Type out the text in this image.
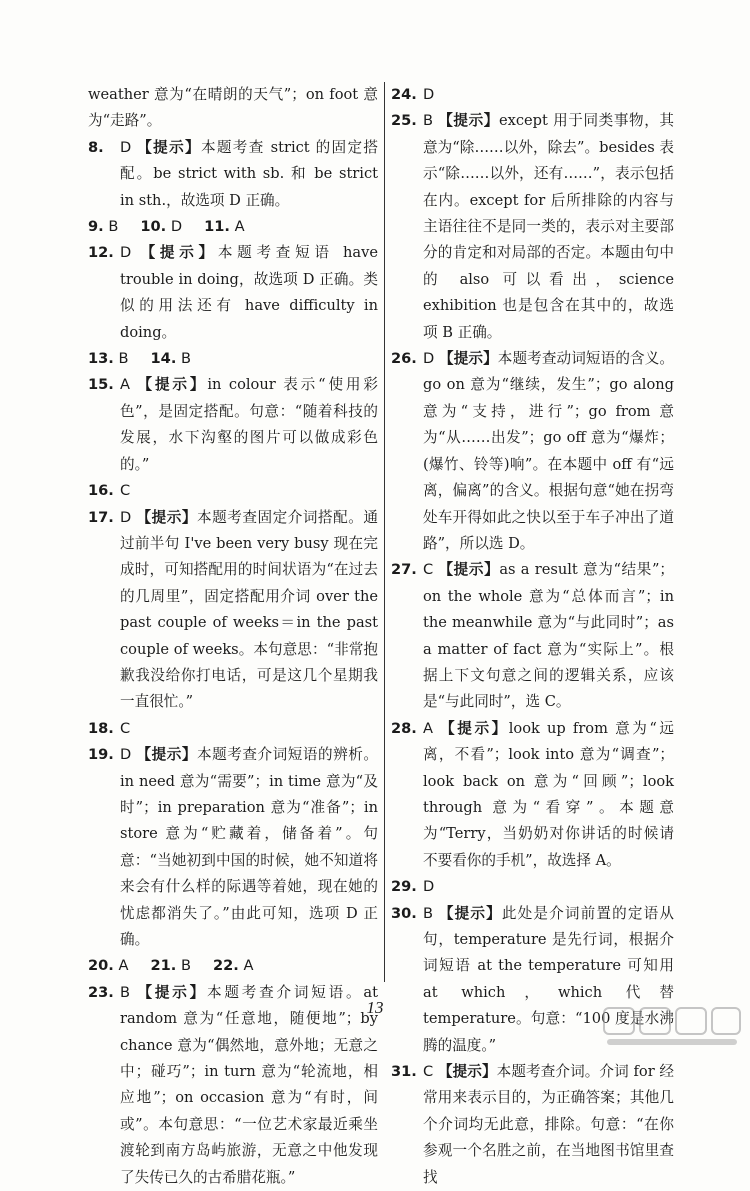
weather 意为“在晴朗的天气”；on foot 意为“走路”。
8. D 【提示】本题考查 strict 的固定搭配。be strict with sb. 和 be strict in sth.，故选项 D 正确。
9. B 10. D 11. A
12. D 【提示】本题考查短语 have trouble in doing，故选项 D 正确。类似的用法还有 have difficulty in doing。
13. B 14. B
15. A 【提示】in colour 表示“使用彩色”，是固定搭配。句意：“随着科技的发展，水下沟壑的图片可以做成彩色的。”
16. C
17. D 【提示】本题考查固定介词搭配。通过前半句 I've been very busy 现在完成时，可知搭配用的时间状语为“在过去的几周里”，固定搭配用介词 over the past couple of weeks＝in the past couple of weeks。本句意思：“非常抱歉我没给你打电话，可是这几个星期我一直很忙。”
18. C
19. D 【提示】本题考查介词短语的辨析。in need 意为“需要”；in time 意为“及时”；in preparation 意为“准备”；in store 意为“贮藏着，储备着”。句意：“当她初到中国的时候，她不知道将来会有什么样的际遇等着她，现在她的忧虑都消失了。”由此可知，选项 D 正确。
20. A 21. B 22. A
23. B 【提示】本题考查介词短语。at random 意为“任意地，随便地”；by chance 意为“偶然地，意外地；无意之中；碰巧”；in turn 意为“轮流地，相应地”；on occasion 意为“有时，间或”。本句意思：“一位艺术家最近乘坐渡轮到南方岛屿旅游，无意之中他发现了失传已久的古希腊花瓶。”
24. D
25. B 【提示】except 用于同类事物，其意为“除……以外，除去”。besides 表示“除……以外，还有……”，表示包括在内。except for 后所排除的内容与主语往往不是同一类的，表示对主要部分的肯定和对局部的否定。本题由句中的 also 可以看出，science exhibition 也是包含在其中的，故选项 B 正确。
26. D 【提示】本题考查动词短语的含义。go on 意为“继续，发生”；go along 意为“支持，进行”；go from 意为“从……出发”；go off 意为“爆炸；(爆竹、铃等)响”。在本题中 off 有“远离，偏离”的含义。根据句意“她在拐弯处车开得如此之快以至于车子冲出了道路”，所以选 D。
27. C 【提示】as a result 意为“结果”；on the whole 意为“总体而言”；in the meanwhile 意为“与此同时”；as a matter of fact 意为“实际上”。根据上下文句意之间的逻辑关系，应该是“与此同时”，选 C。
28. A 【提示】look up from 意为“远离，不看”；look into 意为“调查”；look back on 意为“回顾”；look through 意为“看穿”。本题意为“Terry，当奶奶对你讲话的时候请不要看你的手机”，故选择 A。
29. D
30. B 【提示】此处是介词前置的定语从句，temperature 是先行词，根据介词短语 at the temperature 可知用 at which，which 代替 temperature。句意：“100 度是水沸腾的温度。”
31. C 【提示】本题考查介词。介词 for 经常用来表示目的，为正确答案；其他几个介词均无此意，排除。句意：“在你参观一个名胜之前，在当地图书馆里查找
13
